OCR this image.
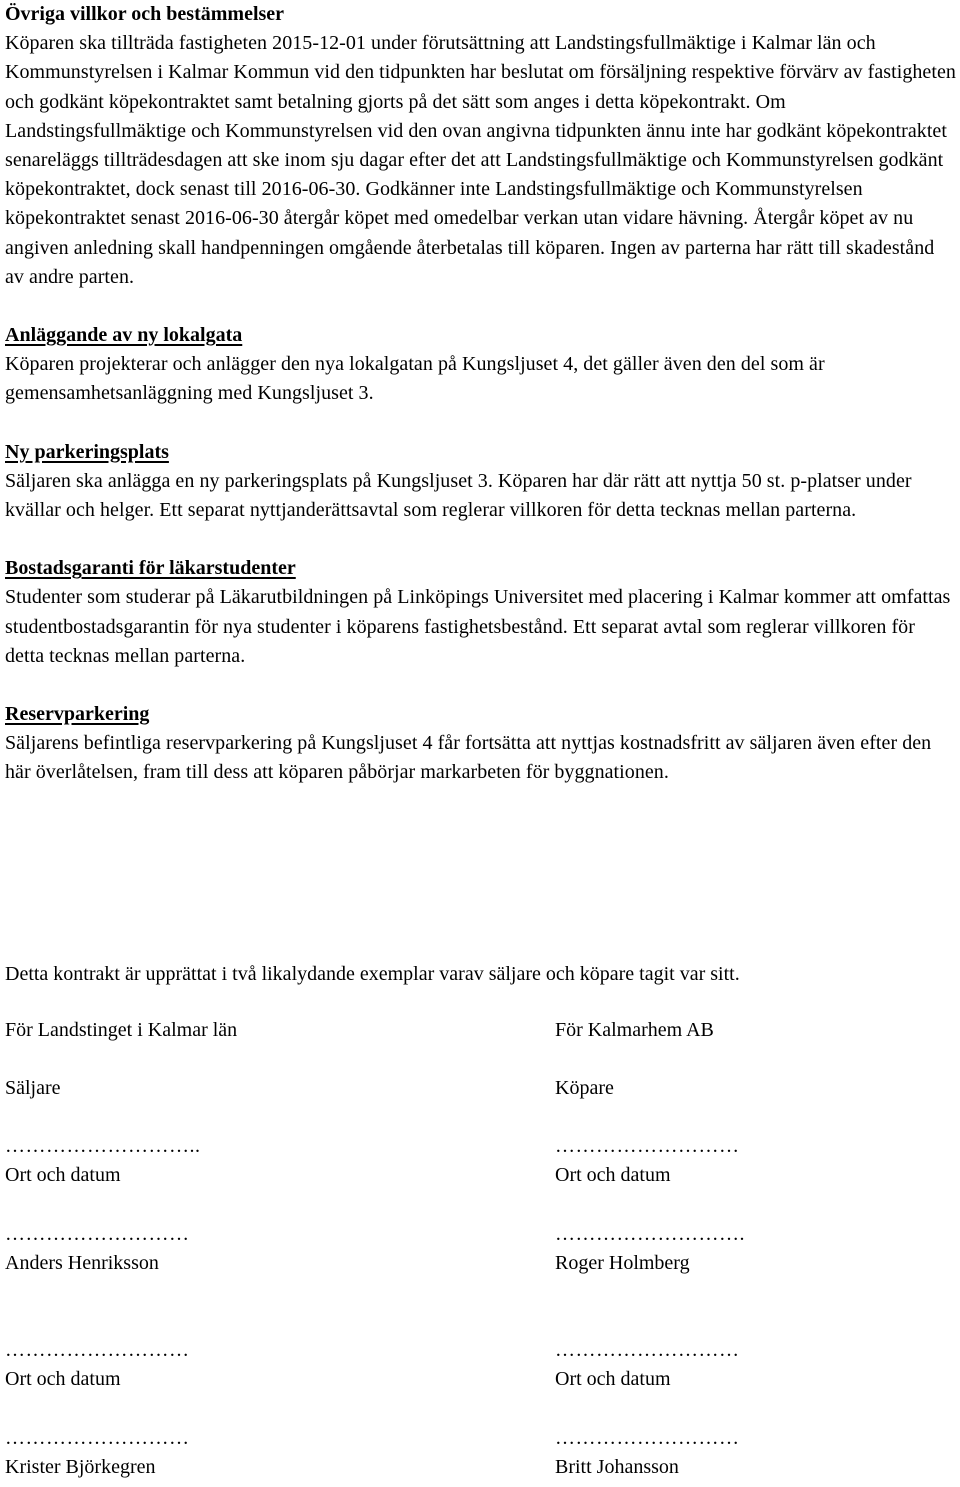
Övriga villkor och bestämmelser
Köparen ska tillträda fastigheten 2015-12-01 under förutsättning att Landstingsfullmäktige i Kalmar län och Kommunstyrelsen i Kalmar Kommun vid den tidpunkten har beslutat om försäljning respektive förvärv av fastigheten och godkänt köpekontraktet samt betalning gjorts på det sätt som anges i detta köpekontrakt. Om Landstingsfullmäktige och Kommunstyrelsen vid den ovan angivna tidpunkten ännu inte har godkänt köpekontraktet senareläggs tillträdesdagen att ske inom sju dagar efter det att Landstingsfullmäktige och Kommunstyrelsen godkänt köpekontraktet, dock senast till 2016-06-30. Godkänner inte Landstingsfullmäktige och Kommunstyrelsen köpekontraktet senast 2016-06-30 återgår köpet med omedelbar verkan utan vidare hävning. Återgår köpet av nu angiven anledning skall handpenningen omgående återbetalas till köparen. Ingen av parterna har rätt till skadestånd av andre parten.
Anläggande av ny lokalgata
Köparen projekterar och anlägger den nya lokalgatan på Kungsljuset 4, det gäller även den del som är gemensamhetsanläggning med Kungsljuset 3.
Ny parkeringsplats
Säljaren ska anlägga en ny parkeringsplats på Kungsljuset 3. Köparen har där rätt att nyttja 50 st. p-platser under kvällar och helger. Ett separat nyttjanderättsavtal som reglerar villkoren för detta tecknas mellan parterna.
Bostadsgaranti för läkarstudenter
Studenter som studerar på Läkarutbildningen på Linköpings Universitet med placering i Kalmar kommer att omfattas studentbostadsgarantin för nya studenter i köparens fastighetsbestånd. Ett separat avtal som reglerar villkoren för detta tecknas mellan parterna.
Reservparkering
Säljarens befintliga reservparkering på Kungsljuset 4 får fortsätta att nyttjas kostnadsfritt av säljaren även efter den här överlåtelsen, fram till dess att köparen påbörjar markarbeten för byggnationen.
Detta kontrakt är upprättat i två likalydande exemplar varav säljare och köpare tagit var sitt.
För Landstinget i Kalmar län
Säljare
………………………..
Ort och datum
………………………
Anders Henriksson
………………………
Ort och datum
………………………
Krister Björkegren
För Kalmarhem AB
Köpare
………………………
Ort och datum
……………………….
Roger Holmberg
………………………
Ort och datum
………………………
Britt Johansson
